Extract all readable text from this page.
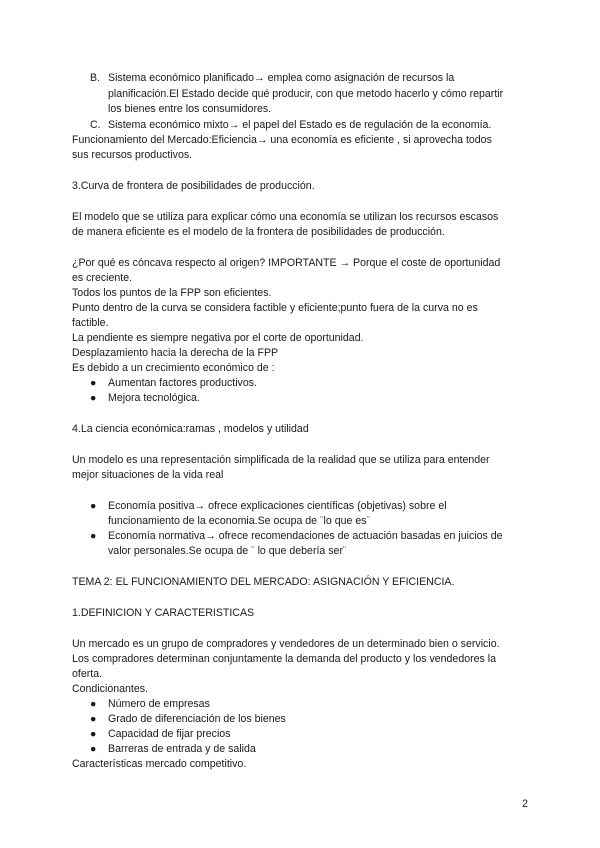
B. Sistema económico planificado→ emplea como asignación de recursos la
planificación.El Estado decide qué producir, con que metodo hacerlo y cómo repartir
los bienes entre los consumidores.
C. Sistema económico mixto→ el papel del Estado es de regulación de la economía.
Funcionamiento del Mercado:Eficiencia→ una economía es eficiente , si aprovecha todos
sus recursos productivos.
3.Curva de frontera de posibilidades de producción.
El modelo que se utiliza para explicar cómo una economía se utilizan los recursos escasos
de manera eficiente es el modelo de la frontera de posibilidades de producción.
¿Por qué es cóncava respecto al origen? IMPORTANTE → Porque el coste de oportunidad
es creciente.
Todos los puntos de la FPP son eficientes.
Punto dentro de la curva se considera factible y eficiente;punto fuera de la curva no es
factible.
La pendiente es siempre negativa por el corte de oportunidad.
Desplazamiento hacia la derecha de la FPP
Es debido a un crecimiento económico de :
● Aumentan factores productivos.
● Mejora tecnológica.
4.La ciencia económica:ramas , modelos y utilidad
Un modelo es una representación simplificada de la realidad que se utiliza para entender
mejor situaciones de la vida real
● Economía positiva→ ofrece explicaciones científicas (objetivas) sobre el
funcionamiento de la economia.Se ocupa de ¨lo que es¨
● Economía normativa→ ofrece recomendaciones de actuación basadas en juicios de
valor personales.Se ocupa de ¨ lo que debería ser¨
TEMA 2: EL FUNCIONAMIENTO DEL MERCADO: ASIGNACIÓN Y EFICIENCIA.
1.DEFINICION Y CARACTERISTICAS
Un mercado es un grupo de compradores y vendedores de un determinado bien o servicio.
Los compradores determinan conjuntamente la demanda del producto y los vendedores la
oferta.
Condicionantes.
● Número de empresas
● Grado de diferenciación de los bienes
● Capacidad de fijar precios
● Barreras de entrada y de salida
Características mercado competitivo.
2
